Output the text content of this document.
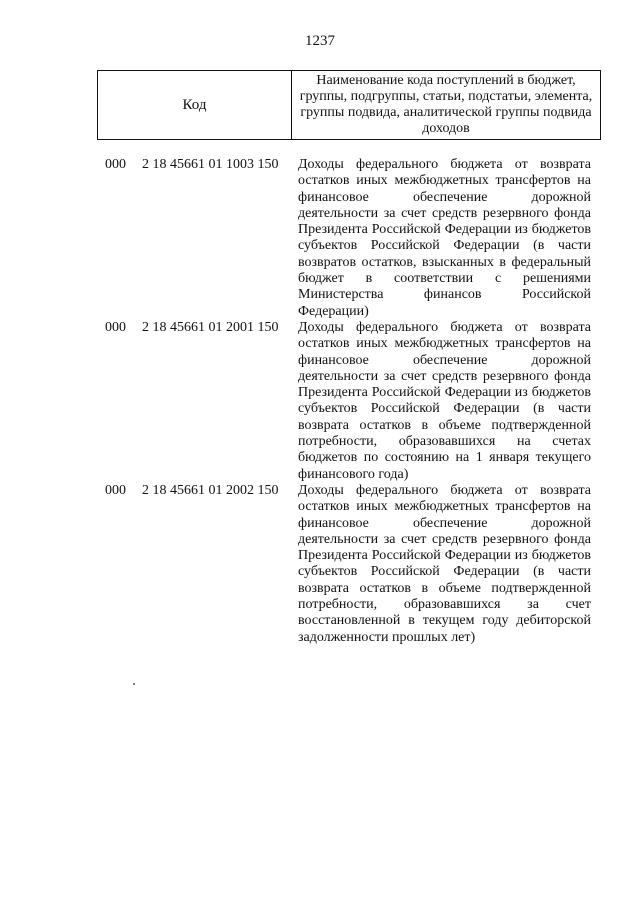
1237
Код
Наименование кода поступлений в бюджет, группы, подгруппы, статьи, подстатьи, элемента, группы подвида, аналитической группы подвида доходов
000	2 18 45661 01 1003 150	Доходы федерального бюджета от возврата остатков иных межбюджетных трансфертов на финансовое обеспечение дорожной деятельности за счет средств резервного фонда Президента Российской Федерации из бюджетов субъектов Российской Федерации (в части возвратов остатков, взысканных в федеральный бюджет в соответствии с решениями Министерства финансов Российской Федерации)

000	2 18 45661 01 2001 150	Доходы федерального бюджета от возврата остатков иных межбюджетных трансфертов на финансовое обеспечение дорожной деятельности за счет средств резервного фонда Президента Российской Федерации из бюджетов субъектов Российской Федерации (в части возврата остатков в объеме подтвержденной потребности, образовавшихся на счетах бюджетов по состоянию на 1 января текущего финансового года)

000	2 18 45661 01 2002 150	Доходы федерального бюджета от возврата остатков иных межбюджетных трансфертов на финансовое обеспечение дорожной деятельности за счет средств резервного фонда Президента Российской Федерации из бюджетов субъектов Российской Федерации (в части возврата остатков в объеме подтвержденной потребности, образовавшихся за счет восстановленной в текущем году дебиторской задолженности прошлых лет)
